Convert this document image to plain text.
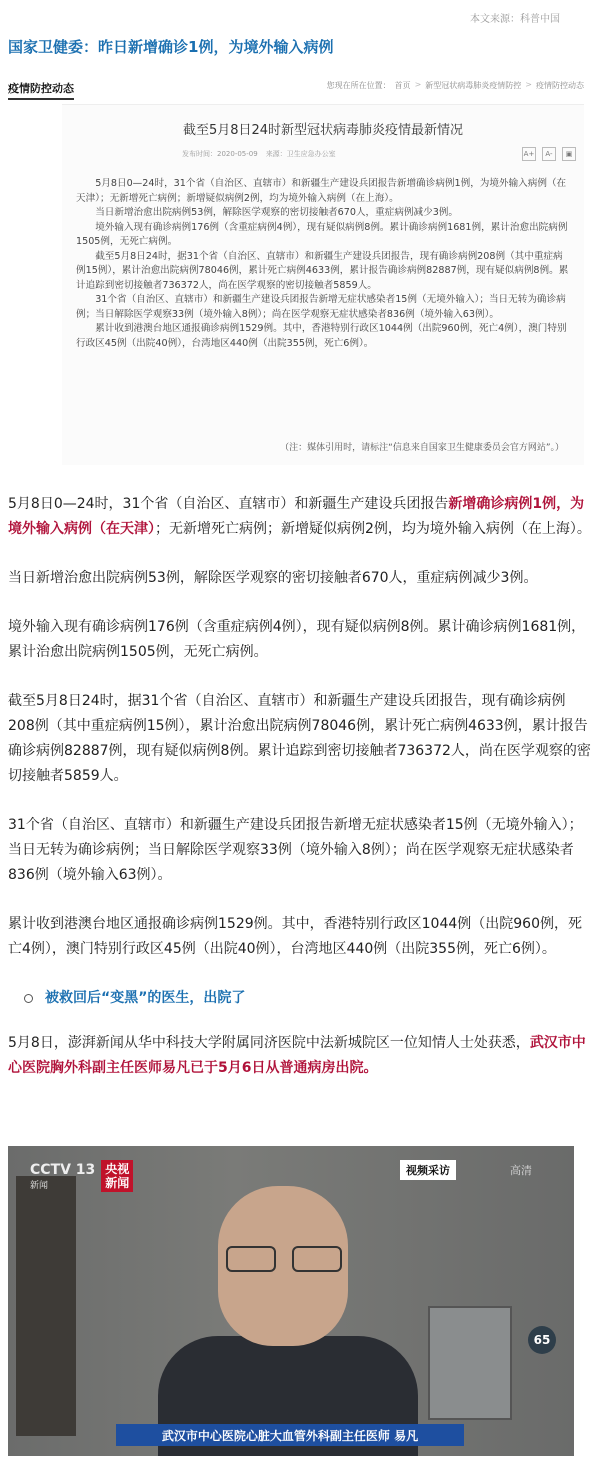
本文来源：科普中国
国家卫健委：昨日新增确诊1例，为境外输入病例
疫情防控动态	您现在所在位置： 首页 > 新型冠状病毒肺炎疫情防控 > 疫情防控动态
截至5月8日24时新型冠状病毒肺炎疫情最新情况
发布时间：2020-05-09 来源：卫生应急办公室	A+	A-	▣

5月8日0—24时，31个省（自治区、直辖市）和新疆生产建设兵团报告新增确诊病例1例，为境外输入病例（在天津）；无新增死亡病例；新增疑似病例2例，均为境外输入病例（在上海）。

当日新增治愈出院病例53例，解除医学观察的密切接触者670人，重症病例减少3例。

境外输入现有确诊病例176例（含重症病例4例），现有疑似病例8例。累计确诊病例1681例，累计治愈出院病例1505例，无死亡病例。

截至5月8日24时，据31个省（自治区、直辖市）和新疆生产建设兵团报告，现有确诊病例208例（其中重症病例15例），累计治愈出院病例78046例，累计死亡病例4633例，累计报告确诊病例82887例，现有疑似病例8例。累计追踪到密切接触者736372人，尚在医学观察的密切接触者5859人。

31个省（自治区、直辖市）和新疆生产建设兵团报告新增无症状感染者15例（无境外输入）；当日无转为确诊病例；当日解除医学观察33例（境外输入8例）；尚在医学观察无症状感染者836例（境外输入63例）。

累计收到港澳台地区通报确诊病例1529例。其中，香港特别行政区1044例（出院960例，死亡4例），澳门特别行政区45例（出院40例），台湾地区440例（出院355例，死亡6例）。

（注：媒体引用时，请标注“信息来自国家卫生健康委员会官方网站”。）

5月8日0—24时，31个省（自治区、直辖市）和新疆生产建设兵团报告新增确诊病例1例，为境外输入病例（在天津）；无新增死亡病例；新增疑似病例2例，均为境外输入病例（在上海）。

当日新增治愈出院病例53例，解除医学观察的密切接触者670人，重症病例减少3例。

境外输入现有确诊病例176例（含重症病例4例），现有疑似病例8例。累计确诊病例1681例，累计治愈出院病例1505例，无死亡病例。

截至5月8日24时，据31个省（自治区、直辖市）和新疆生产建设兵团报告，现有确诊病例208例（其中重症病例15例），累计治愈出院病例78046例，累计死亡病例4633例，累计报告确诊病例82887例，现有疑似病例8例。累计追踪到密切接触者736372人，尚在医学观察的密切接触者5859人。

31个省（自治区、直辖市）和新疆生产建设兵团报告新增无症状感染者15例（无境外输入）；当日无转为确诊病例；当日解除医学观察33例（境外输入8例）；尚在医学观察无症状感染者836例（境外输入63例）。

累计收到港澳台地区通报确诊病例1529例。其中，香港特别行政区1044例（出院960例，死亡4例），澳门特别行政区45例（出院40例），台湾地区440例（出院355例，死亡6例）。

被救回后“变黑”的医生，出院了

5月8日，澎湃新闻从华中科技大学附属同济医院中法新城院区一位知情人士处获悉，武汉市中心医院胸外科副主任医师易凡已于5月6日从普通病房出院。

65
CCTV 13
新闻
央视
新闻
视频采访	高清
武汉市中心医院心脏大血管外科副主任医师 易凡
